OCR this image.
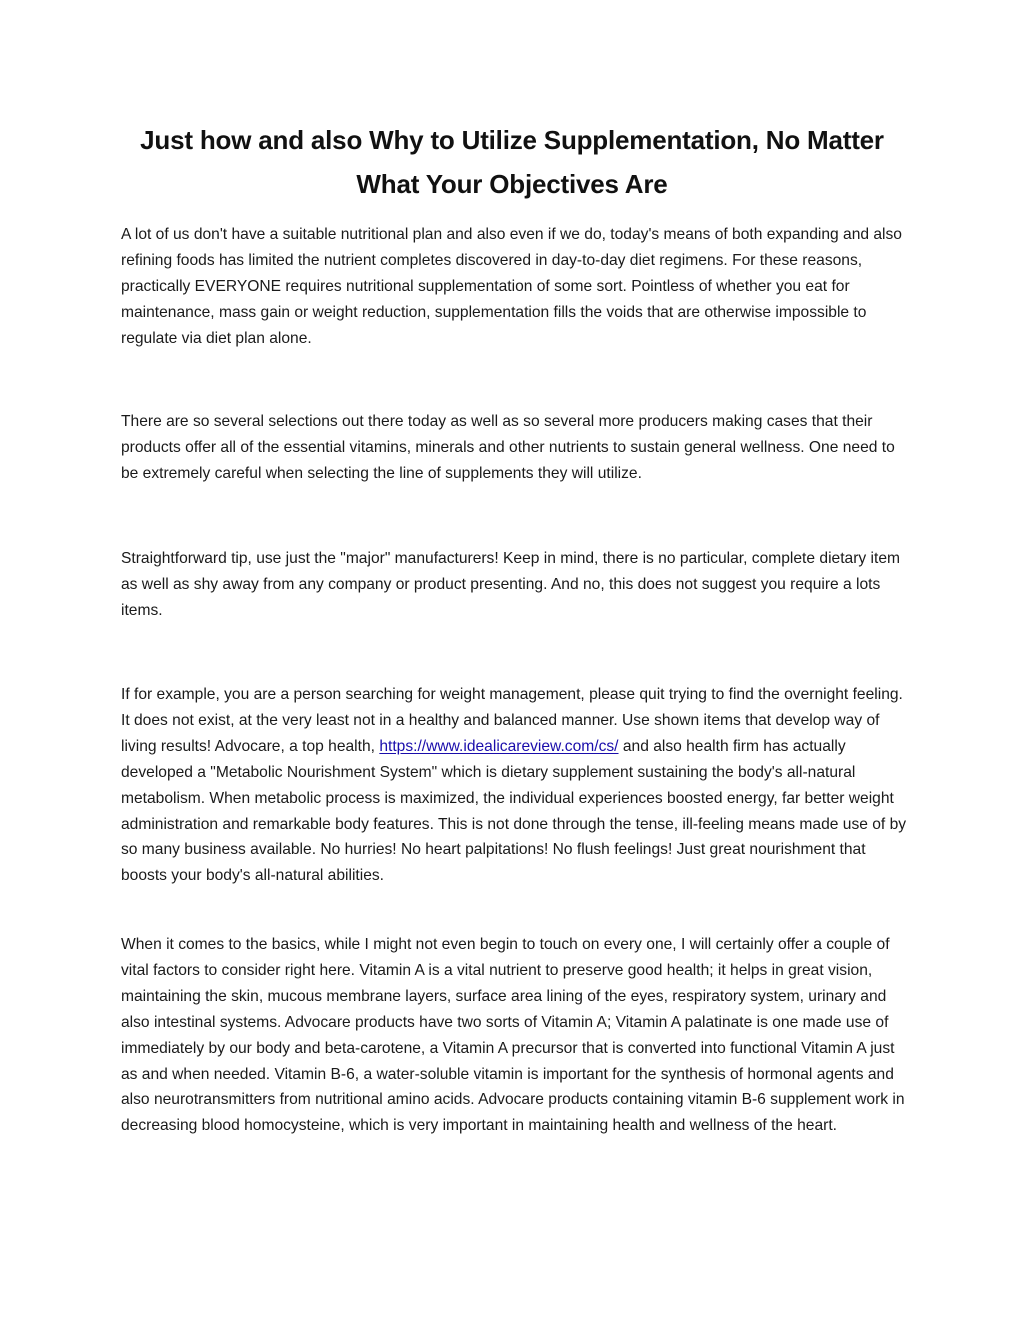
Just how and also Why to Utilize Supplementation, No Matter What Your Objectives Are

A lot of us don't have a suitable nutritional plan and also even if we do, today's means of both expanding and also refining foods has limited the nutrient completes discovered in day-to-day diet regimens. For these reasons, practically EVERYONE requires nutritional supplementation of some sort. Pointless of whether you eat for maintenance, mass gain or weight reduction, supplementation fills the voids that are otherwise impossible to regulate via diet plan alone.

There are so several selections out there today as well as so several more producers making cases that their products offer all of the essential vitamins, minerals and other nutrients to sustain general wellness. One need to be extremely careful when selecting the line of supplements they will utilize.

Straightforward tip, use just the "major" manufacturers! Keep in mind, there is no particular, complete dietary item as well as shy away from any company or product presenting. And no, this does not suggest you require a lots items.

If for example, you are a person searching for weight management, please quit trying to find the overnight feeling. It does not exist, at the very least not in a healthy and balanced manner. Use shown items that develop way of living results! Advocare, a top health, https://www.idealicareview.com/cs/ and also health firm has actually developed a "Metabolic Nourishment System" which is dietary supplement sustaining the body's all-natural metabolism. When metabolic process is maximized, the individual experiences boosted energy, far better weight administration and remarkable body features. This is not done through the tense, ill-feeling means made use of by so many business available. No hurries! No heart palpitations! No flush feelings! Just great nourishment that boosts your body's all-natural abilities.

When it comes to the basics, while I might not even begin to touch on every one, I will certainly offer a couple of vital factors to consider right here. Vitamin A is a vital nutrient to preserve good health; it helps in great vision, maintaining the skin, mucous membrane layers, surface area lining of the eyes, respiratory system, urinary and also intestinal systems. Advocare products have two sorts of Vitamin A; Vitamin A palatinate is one made use of immediately by our body and beta-carotene, a Vitamin A precursor that is converted into functional Vitamin A just as and when needed. Vitamin B-6, a water-soluble vitamin is important for the synthesis of hormonal agents and also neurotransmitters from nutritional amino acids. Advocare products containing vitamin B-6 supplement work in decreasing blood homocysteine, which is very important in maintaining health and wellness of the heart.
